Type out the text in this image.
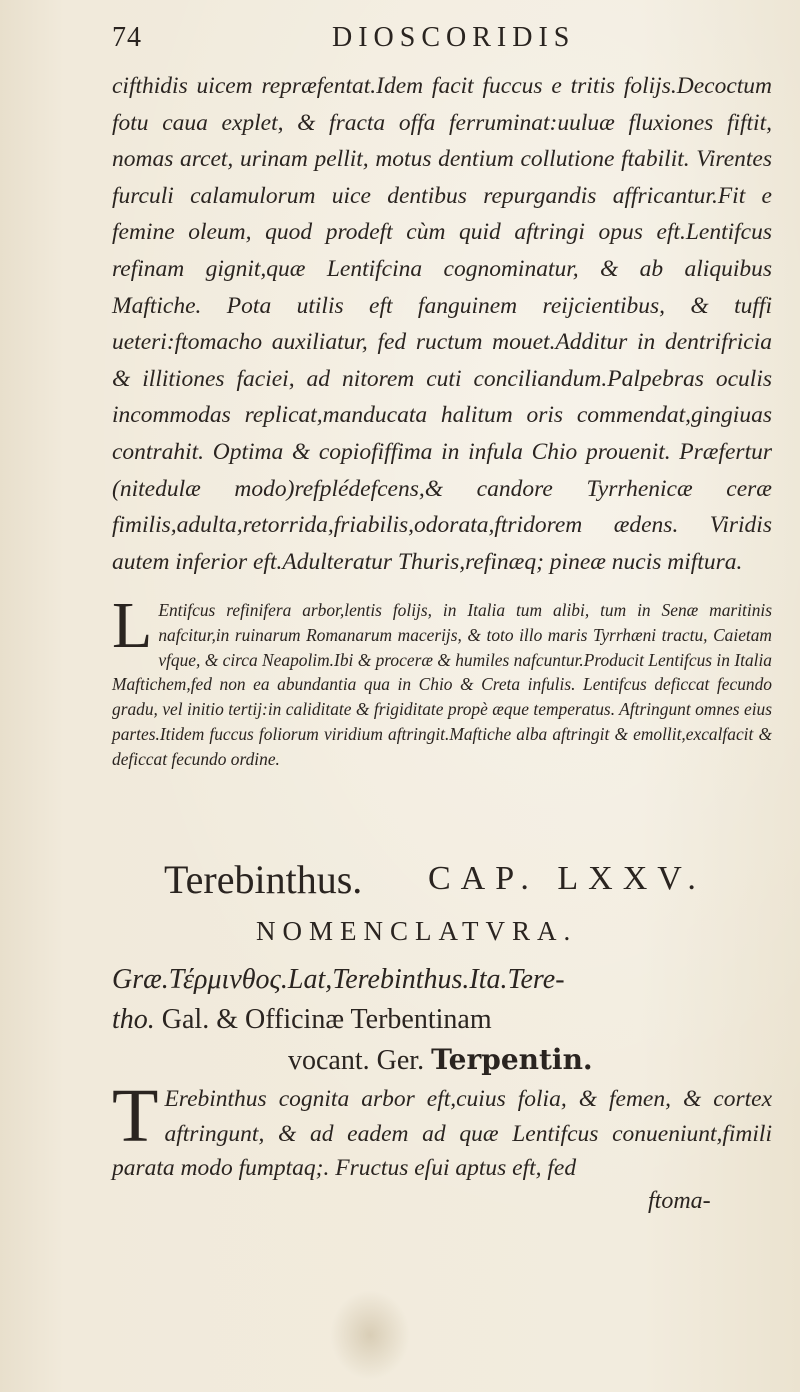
74	DIOSCORIDIS
cifthidis uicem repræfentat.Idem facit fuccus e tritis folijs.Decoctum fotu caua explet, & fracta offa ferruminat:uuluæ fluxiones fiftit, nomas arcet, urinam pellit, motus dentium collutione ftabilit. Virentes furculi calamulorum uice dentibus repurgandis affricantur.Fit e femine oleum, quod prodeft cùm quid aftringi opus eft.Lentifcus refinam gignit,quæ Lentifcina cognominatur, & ab aliquibus Maftiche. Pota utilis eft fanguinem reijcientibus, & tuffi ueteri:ftomacho auxiliatur, fed ructum mouet.Additur in dentrifricia & illitiones faciei, ad nitorem cuti conciliandum.Palpebras oculis incommodas replicat,manducata halitum oris commendat,gingiuas contrahit. Optima & copiofiffima in infula Chio prouenit. Præfertur (nitedulæ modo)refplédefcens,& candore Tyrrhenicæ ceræ fimilis,adulta,retorrida,friabilis,odorata,ftridorem ædens. Viridis autem inferior eft.Adulteratur Thuris,refinæq; pineæ nucis miftura.
L Entifcus refinifera arbor,lentis folijs, in Italia tum alibi, tum in Senæ maritinis nafcitur,in ruinarum Romanarum macerijs, & toto illo maris Tyrrhæni tractu, Caietam vfque, & circa Neapolim.Ibi & proceræ & humiles nafcuntur.Producit Lentifcus in Italia Maftichem,fed non ea abundantia qua in Chio & Creta infulis. Lentifcus deficcat fecundo gradu, vel initio tertij:in caliditate & frigiditate propè æque temperatus. Aftringunt omnes eius partes.Itidem fuccus foliorum viridium aftringit.Maftiche alba aftringit & emollit,excalfacit & deficcat fecundo ordine.
Terebinthus. CAP. LXXV.
NOMENCLATVRA.
Græ.Τέρμινθος.Lat,Terebinthus.Ita.Tere-
tho. Gal. & Officinæ Terbentinam
vocant. Ger. Terpentin.
T Erebinthus cognita arbor eft,cuius folia, & femen, & cortex aftringunt, & ad eadem ad quæ Lentifcus conueniunt,fimili parata modo fumptaq;. Fructus eſui aptus eft, fed
ftoma-
